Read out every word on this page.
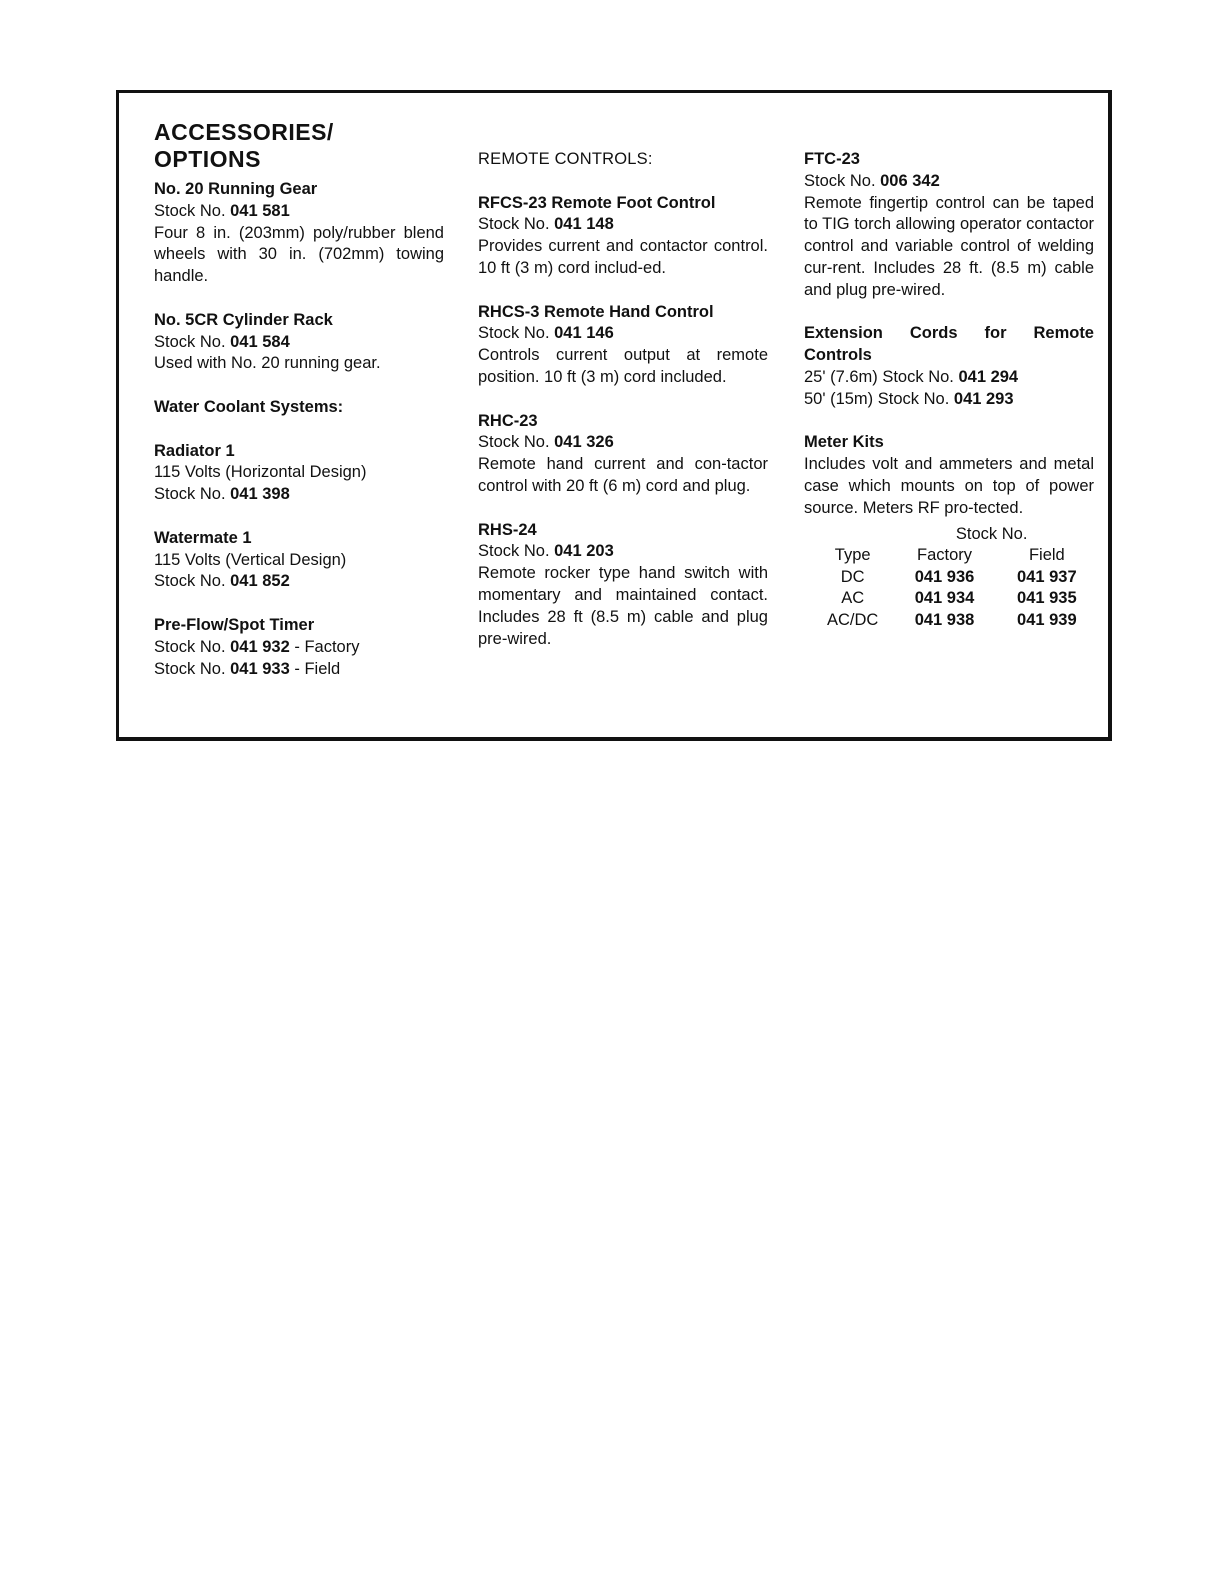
ACCESSORIES/
OPTIONS
No. 20 Running Gear
Stock No. 041 581

Four 8 in. (203mm) poly/rubber blend wheels with 30 in. (702mm) towing handle.

No. 5CR Cylinder Rack
Stock No. 041 584

Used with No. 20 running gear.

Water Coolant Systems:
Radiator 1

115 Volts (Horizontal Design)

Stock No. 041 398
Watermate 1

115 Volts (Vertical Design)

Stock No. 041 852
Pre-Flow/Spot Timer
Stock No. 041 932 - Factory
Stock No. 041 933 - Field
REMOTE CONTROLS:
RFCS-23 Remote Foot Control
Stock No. 041 148

Provides current and contactor control. 10 ft (3 m) cord includ-ed.

RHCS-3 Remote Hand Control
Stock No. 041 146

Controls current output at remote position. 10 ft (3 m) cord included.

RHC-23
Stock No. 041 326

Remote hand current and con-tactor control with 20 ft (6 m) cord and plug.

RHS-24
Stock No. 041 203

Remote rocker type hand switch with momentary and maintained contact. Includes 28 ft (8.5 m) cable and plug pre-wired.

FTC-23
Stock No. 006 342

Remote fingertip control can be taped to TIG torch allowing operator contactor control and variable control of welding cur-rent. Includes 28 ft. (8.5 m) cable and plug pre-wired.

Extension Cords for Remote Controls
25' (7.6m) Stock No. 041 294
50' (15m) Stock No. 041 293
Meter Kits

Includes volt and ammeters and metal case which mounts on top of power source. Meters RF pro-tected.

	Stock No.	
Type	Factory	Field
DC	041 936	041 937
AC	041 934	041 935
AC/DC	041 938	041 939
